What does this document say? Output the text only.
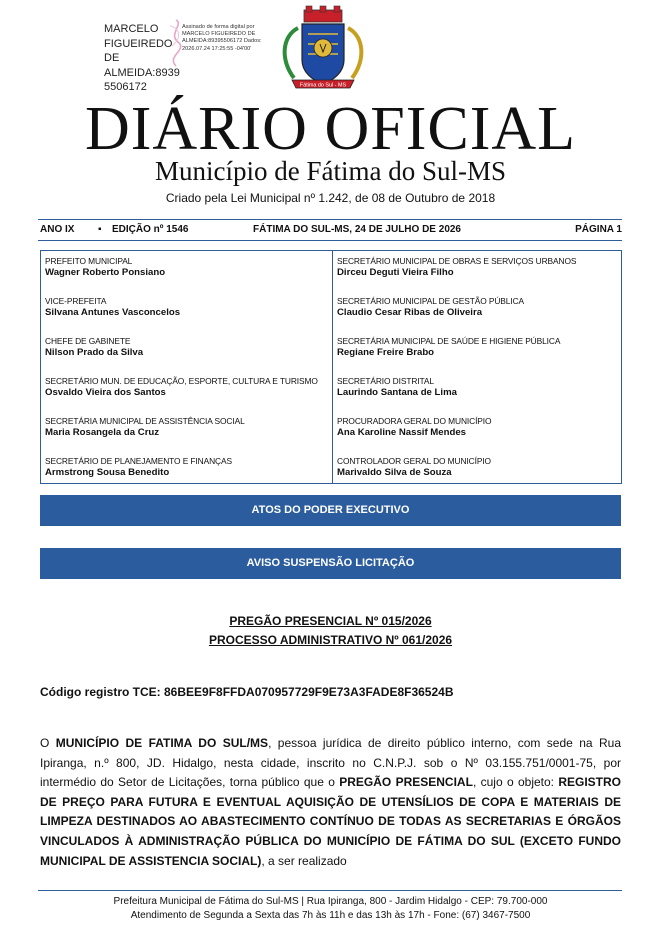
MARCELO
FIGUEIREDO DE
ALMEIDA:8939
5506172
Assinado de forma digital por MARCELO FIGUEIREDO DE ALMEIDA:89395506172 Dados: 2026.07.24 17:25:55 -04'00'
Fátima do Sul - MS
DIÁRIO OFICIAL
Município de Fátima do Sul-MS
Criado pela Lei Municipal nº 1.242, de 08 de Outubro de 2018
ANO IX ▪ EDIÇÃO nº 1546	FÁTIMA DO SUL-MS, 24 DE JULHO DE 2026	PÁGINA 1
PREFEITO MUNICIPAL
Wagner Roberto Ponsiano
VICE-PREFEITA
Silvana Antunes Vasconcelos
CHEFE DE GABINETE
Nilson Prado da Silva
SECRETÁRIO MUN. DE EDUCAÇÃO, ESPORTE, CULTURA E TURISMO
Osvaldo Vieira dos Santos
SECRETÁRIA MUNICIPAL DE ASSISTÊNCIA SOCIAL
Maria Rosangela da Cruz
SECRETÁRIO DE PLANEJAMENTO E FINANÇAS
Armstrong Sousa Benedito
SECRETÁRIO MUNICIPAL DE OBRAS E SERVIÇOS URBANOS
Dirceu Deguti Vieira Filho
SECRETÁRIO MUNICIPAL DE GESTÃO PÚBLICA
Claudio Cesar Ribas de Oliveira
SECRETÁRIA MUNICIPAL DE SAÚDE E HIGIENE PÚBLICA
Regiane Freire Brabo
SECRETÁRIO DISTRITAL
Laurindo Santana de Lima
PROCURADORA GERAL DO MUNICÍPIO
Ana Karoline Nassif Mendes
CONTROLADOR GERAL DO MUNICÍPIO
Marivaldo Silva de Souza
ATOS DO PODER EXECUTIVO
AVISO SUSPENSÃO LICITAÇÃO
PREGÃO PRESENCIAL Nº 015/2026
PROCESSO ADMINISTRATIVO Nº 061/2026
Código registro TCE: 86BEE9F8FFDA070957729F9E73A3FADE8F36524B
O MUNICÍPIO DE FATIMA DO SUL/MS, pessoa jurídica de direito público interno, com sede na Rua Ipiranga, n.º 800, JD. Hidalgo, nesta cidade, inscrito no C.N.P.J. sob o Nº 03.155.751/0001-75, por intermédio do Setor de Licitações, torna público que o PREGÃO PRESENCIAL, cujo o objeto: REGISTRO DE PREÇO PARA FUTURA E EVENTUAL AQUISIÇÃO DE UTENSÍLIOS DE COPA E MATERIAIS DE LIMPEZA DESTINADOS AO ABASTECIMENTO CONTÍNUO DE TODAS AS SECRETARIAS E ÓRGÃOS VINCULADOS À ADMINISTRAÇÃO PÚBLICA DO MUNICÍPIO DE FÁTIMA DO SUL (EXCETO FUNDO MUNICIPAL DE ASSISTENCIA SOCIAL), a ser realizado
Prefeitura Municipal de Fátima do Sul-MS | Rua Ipiranga, 800 - Jardim Hidalgo - CEP: 79.700-000
Atendimento de Segunda a Sexta das 7h às 11h e das 13h às 17h - Fone: (67) 3467-7500
